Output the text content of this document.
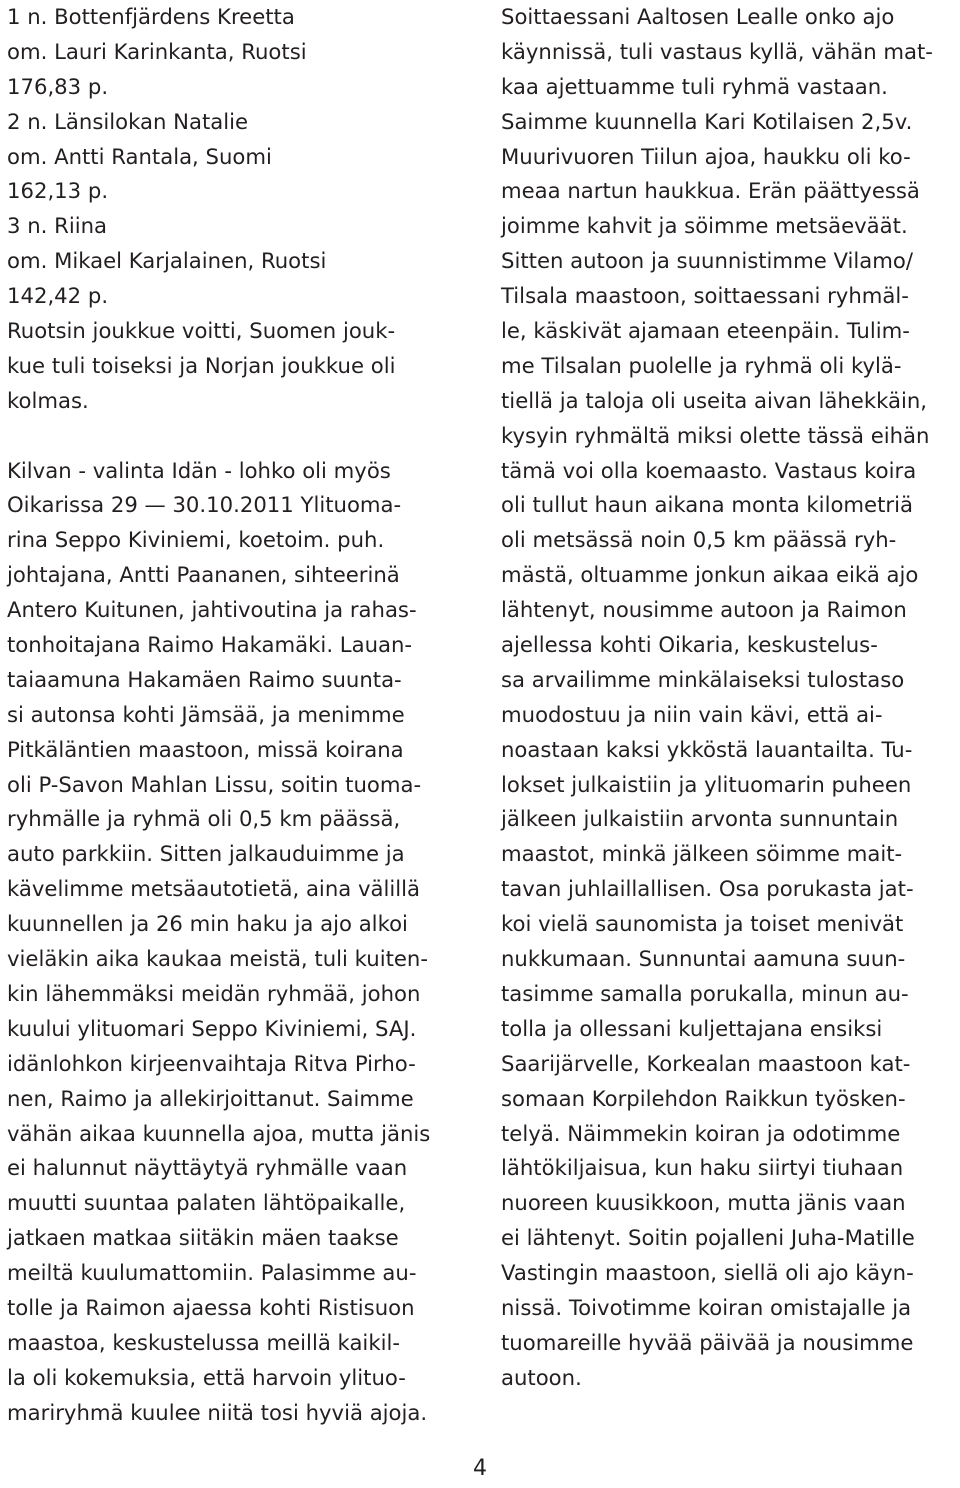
1 n. Bottenfjärdens Kreetta
om. Lauri Karinkanta, Ruotsi
176,83 p.
2 n. Länsilokan Natalie
om. Antti Rantala, Suomi
162,13 p.
3 n. Riina
om. Mikael Karjalainen, Ruotsi
142,42 p.
Ruotsin joukkue voitti, Suomen jouk-
kue tuli toiseksi ja Norjan joukkue oli
kolmas.
Kilvan - valinta Idän - lohko oli myös
Oikarissa 29 — 30.10.2011 Ylituoma-
rina Seppo Kiviniemi, koetoim. puh.
johtajana, Antti Paananen, sihteerinä
Antero Kuitunen, jahtivoutina ja rahas-
tonhoitajana Raimo Hakamäki. Lauan-
taiaamuna Hakamäen Raimo suunta-
si autonsa kohti Jämsää, ja menimme
Pitkäläntien maastoon, missä koirana
oli P-Savon Mahlan Lissu, soitin tuoma-
ryhmälle ja ryhmä oli 0,5 km päässä,
auto parkkiin. Sitten jalkauduimme ja
kävelimme metsäautotietä, aina välillä
kuunnellen ja 26 min haku ja ajo alkoi
vieläkin aika kaukaa meistä, tuli kuiten-
kin lähemmäksi meidän ryhmää, johon
kuului ylituomari Seppo Kiviniemi, SAJ.
idänlohkon kirjeenvaihtaja Ritva Pirho-
nen, Raimo ja allekirjoittanut. Saimme
vähän aikaa kuunnella ajoa, mutta jänis
ei halunnut näyttäytyä ryhmälle vaan
muutti suuntaa palaten lähtöpaikalle,
jatkaen matkaa siitäkin mäen taakse
meiltä kuulumattomiin. Palasimme au-
tolle ja Raimon ajaessa kohti Ristisuon
maastoa, keskustelussa meillä kaikil-
la oli kokemuksia, että harvoin ylituo-
mariryhmä kuulee niitä tosi hyviä ajoja.
Soittaessani Aaltosen Lealle onko ajo
käynnissä, tuli vastaus kyllä, vähän mat-
kaa ajettuamme tuli ryhmä vastaan.
Saimme kuunnella Kari Kotilaisen 2,5v.
Muurivuoren Tiilun ajoa, haukku oli ko-
meaa nartun haukkua. Erän päättyessä
joimme kahvit ja söimme metsäeväät.
Sitten autoon ja suunnistimme Vilamo/
Tilsala maastoon, soittaessani ryhmäl-
le, käskivät ajamaan eteenpäin. Tulim-
me Tilsalan puolelle ja ryhmä oli kylä-
tiellä ja taloja oli useita aivan lähekkäin,
kysyin ryhmältä miksi olette tässä eihän
tämä voi olla koemaasto. Vastaus koira
oli tullut haun aikana monta kilometriä
oli metsässä noin 0,5 km päässä ryh-
mästä, oltuamme jonkun aikaa eikä ajo
lähtenyt, nousimme autoon ja Raimon
ajellessa kohti Oikaria, keskustelus-
sa arvailimme minkälaiseksi tulostaso
muodostuu ja niin vain kävi, että ai-
noastaan kaksi ykköstä lauantailta. Tu-
lokset julkaistiin ja ylituomarin puheen
jälkeen julkaistiin arvonta sunnuntain
maastot, minkä jälkeen söimme mait-
tavan juhlaillallisen. Osa porukasta jat-
koi vielä saunomista ja toiset menivät
nukkumaan. Sunnuntai aamuna suun-
tasimme samalla porukalla, minun au-
tolla ja ollessani kuljettajana ensiksi
Saarijärvelle, Korkealan maastoon kat-
somaan Korpilehdon Raikkun työsken-
telyä. Näimmekin koiran ja odotimme
lähtökiljaisua, kun haku siirtyi tiuhaan
nuoreen kuusikkoon, mutta jänis vaan
ei lähtenyt. Soitin pojalleni Juha-Matille
Vastingin maastoon, siellä oli ajo käyn-
nissä. Toivotimme koiran omistajalle ja
tuomareille hyvää päivää ja nousimme
autoon.
4
